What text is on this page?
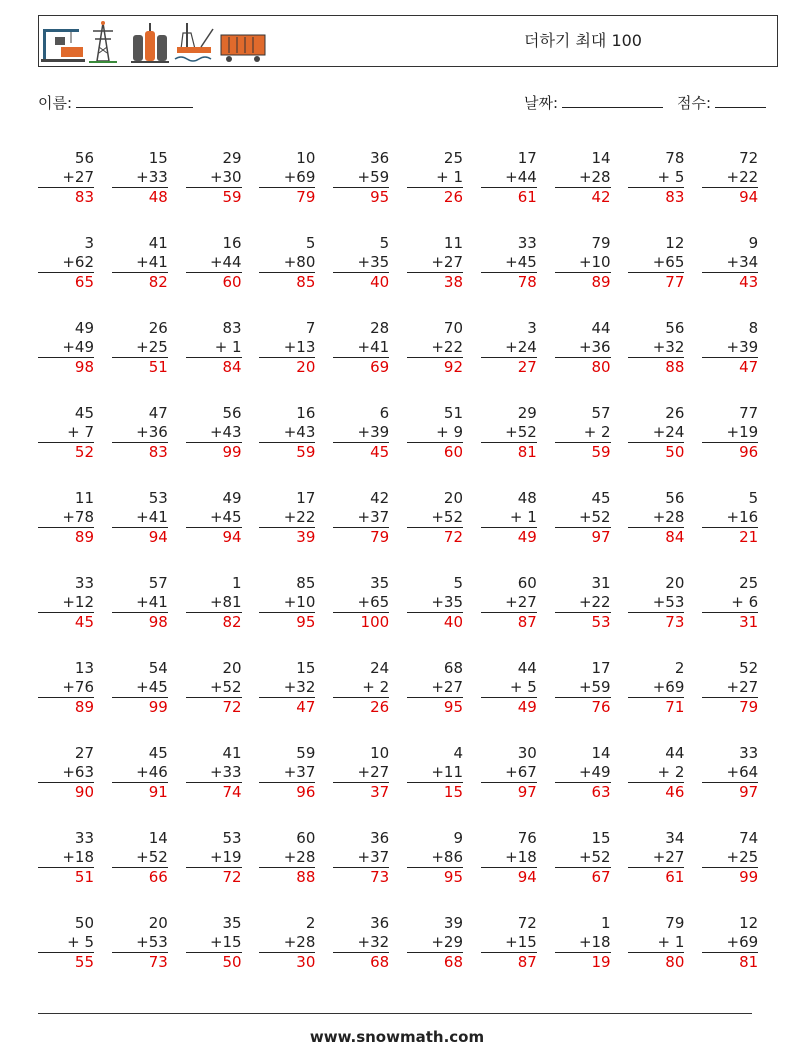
더하기 최대 100
이름:	날짜:	점수:
56
+27
83
15
+33
48
29
+30
59
10
+69
79
36
+59
95
25
+ 1
26
17
+44
61
14
+28
42
78
+ 5
83
72
+22
94
3
+62
65
41
+41
82
16
+44
60
5
+80
85
5
+35
40
11
+27
38
33
+45
78
79
+10
89
12
+65
77
9
+34
43
49
+49
98
26
+25
51
83
+ 1
84
7
+13
20
28
+41
69
70
+22
92
3
+24
27
44
+36
80
56
+32
88
8
+39
47
45
+ 7
52
47
+36
83
56
+43
99
16
+43
59
6
+39
45
51
+ 9
60
29
+52
81
57
+ 2
59
26
+24
50
77
+19
96
11
+78
89
53
+41
94
49
+45
94
17
+22
39
42
+37
79
20
+52
72
48
+ 1
49
45
+52
97
56
+28
84
5
+16
21
33
+12
45
57
+41
98
1
+81
82
85
+10
95
35
+65
100
5
+35
40
60
+27
87
31
+22
53
20
+53
73
25
+ 6
31
13
+76
89
54
+45
99
20
+52
72
15
+32
47
24
+ 2
26
68
+27
95
44
+ 5
49
17
+59
76
2
+69
71
52
+27
79
27
+63
90
45
+46
91
41
+33
74
59
+37
96
10
+27
37
4
+11
15
30
+67
97
14
+49
63
44
+ 2
46
33
+64
97
33
+18
51
14
+52
66
53
+19
72
60
+28
88
36
+37
73
9
+86
95
76
+18
94
15
+52
67
34
+27
61
74
+25
99
50
+ 5
55
20
+53
73
35
+15
50
2
+28
30
36
+32
68
39
+29
68
72
+15
87
1
+18
19
79
+ 1
80
12
+69
81
www.snowmath.com
